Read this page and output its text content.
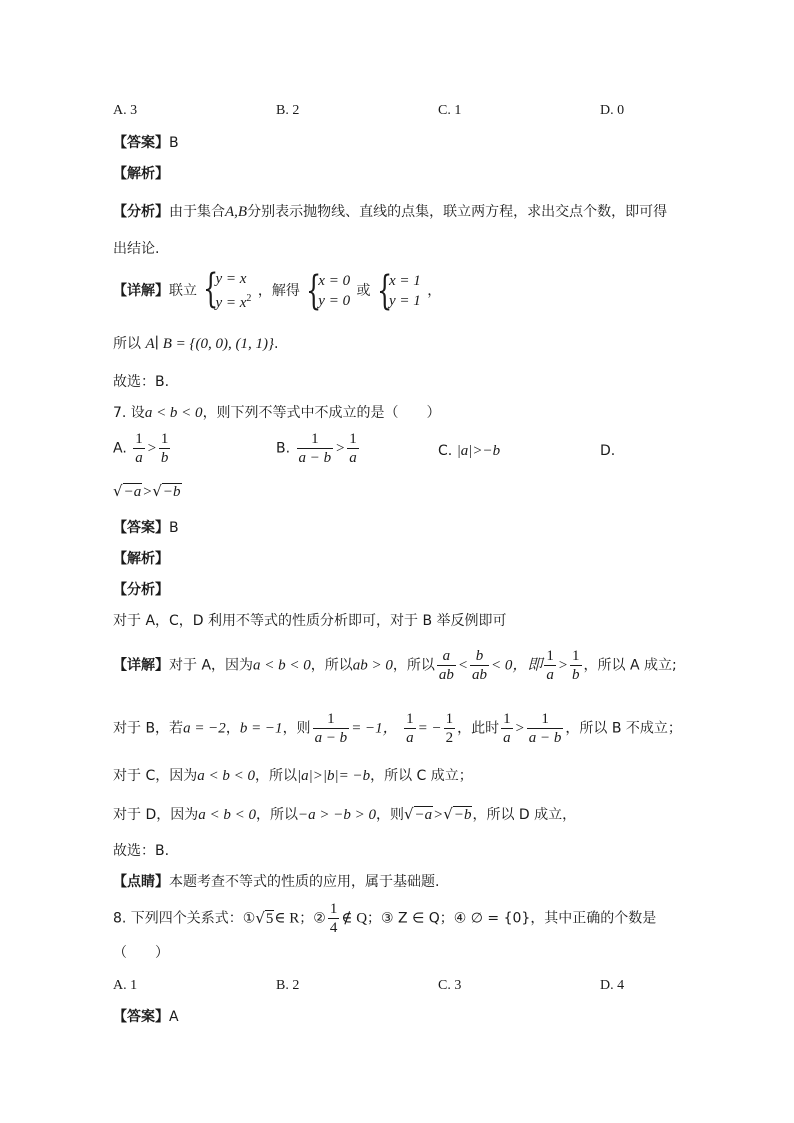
A. 3	B. 2	C. 1	D. 0
【答案】B
【解析】
【分析】由于集合A,B分别表示抛物线、直线的点集，联立两方程，求出交点个数，即可得
出结论.
【详解】联立 {
y = x
$y = x^2$ ，解得 {
x = 0
y = 0
或 {
x = 1
y = 1
，
所以 A∣ B = {(0, 0), (1, 1)}.
故选：B.
7. 设a < b < 0，则下列不等式中不成立的是（　　）
A. $\frac{1}{a} > \frac{1}{b}$	B. $\frac{1}{a - b} > \frac{1}{a}$	C. |a|>−b	D.
√−a>√−b
【答案】B
【解析】
【分析】
对于 A，C，D 利用不等式的性质分析即可，对于 B 举反例即可
【详解】对于 A，因为a < b < 0，所以ab > 0，所以 $\frac{a}{ab} < \frac{b}{ab} < 0$，即 $\frac{1}{a} > \frac{1}{b}$ ，所以 A 成立;
对于 B，若a = −2，b = −1，则 $\frac{1}{a - b} = -1$， $\frac{1}{a}$ = − $\frac{1}{2}$ ，此时 $\frac{1}{a} > \frac{1}{a - b}$ ，所以 B 不成立；
对于 C，因为a < b < 0，所以|a|>|b|= −b，所以 C 成立；
对于 D，因为a < b < 0，所以−a > −b > 0，则√−a>√−b，所以 D 成立，
故选：B.
【点睛】本题考查不等式的性质的应用，属于基础题.
8. 下列四个关系式：①√5∈ R；② $\frac{1}{4}$ ∉ Q；③ Z ∈ Q；④ ∅ = {0}，其中正确的个数是
（　　）
A. 1	B. 2	C. 3	D. 4
【答案】A
